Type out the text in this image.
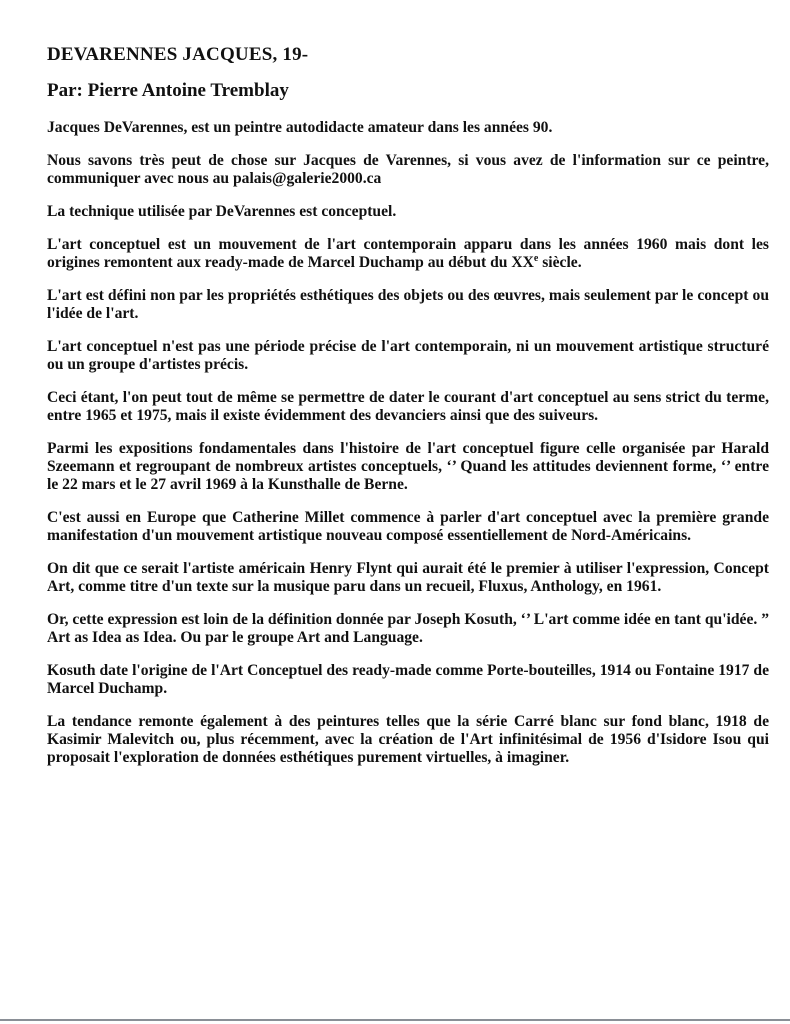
DEVARENNES JACQUES, 19-
Par: Pierre Antoine Tremblay

Jacques DeVarennes, est un peintre autodidacte amateur dans les années 90.

Nous savons très peut de chose sur Jacques de Varennes, si vous avez de l'information sur ce peintre, communiquer avec nous au palais@galerie2000.ca

La technique utilisée par DeVarennes est conceptuel.

L'art conceptuel est un mouvement de l'art contemporain apparu dans les années 1960 mais dont les origines remontent aux ready-made de Marcel Duchamp au début du XXe siècle.

L'art est défini non par les propriétés esthétiques des objets ou des œuvres, mais seulement par le concept ou l'idée de l'art.

L'art conceptuel n'est pas une période précise de l'art contemporain, ni un mouvement artistique structuré ou un groupe d'artistes précis.

Ceci étant, l'on peut tout de même se permettre de dater le courant d'art conceptuel au sens strict du terme, entre 1965 et 1975, mais il existe évidemment des devanciers ainsi que des suiveurs.

Parmi les expositions fondamentales dans l'histoire de l'art conceptuel figure celle organisée par Harald Szeemann et regroupant de nombreux artistes conceptuels, ‘’ Quand les attitudes deviennent forme, ‘’ entre le 22 mars et le 27 avril 1969 à la Kunsthalle de Berne.

C'est aussi en Europe que Catherine Millet commence à parler d'art conceptuel avec la première grande manifestation d'un mouvement artistique nouveau composé essentiellement de Nord-Américains.

On dit que ce serait l'artiste américain Henry Flynt qui aurait été le premier à utiliser l'expression, Concept Art, comme titre d'un texte sur la musique paru dans un recueil, Fluxus, Anthology, en 1961.

Or, cette expression est loin de la définition donnée par Joseph Kosuth, ‘’ L'art comme idée en tant qu'idée. ” Art as Idea as Idea. Ou par le groupe Art and Language.

Kosuth date l'origine de l'Art Conceptuel des ready-made comme Porte-bouteilles, 1914 ou Fontaine 1917 de Marcel Duchamp.

La tendance remonte également à des peintures telles que la série Carré blanc sur fond blanc, 1918 de Kasimir Malevitch ou, plus récemment, avec la création de l'Art infinitésimal de 1956 d'Isidore Isou qui proposait l'exploration de données esthétiques purement virtuelles, à imaginer.
